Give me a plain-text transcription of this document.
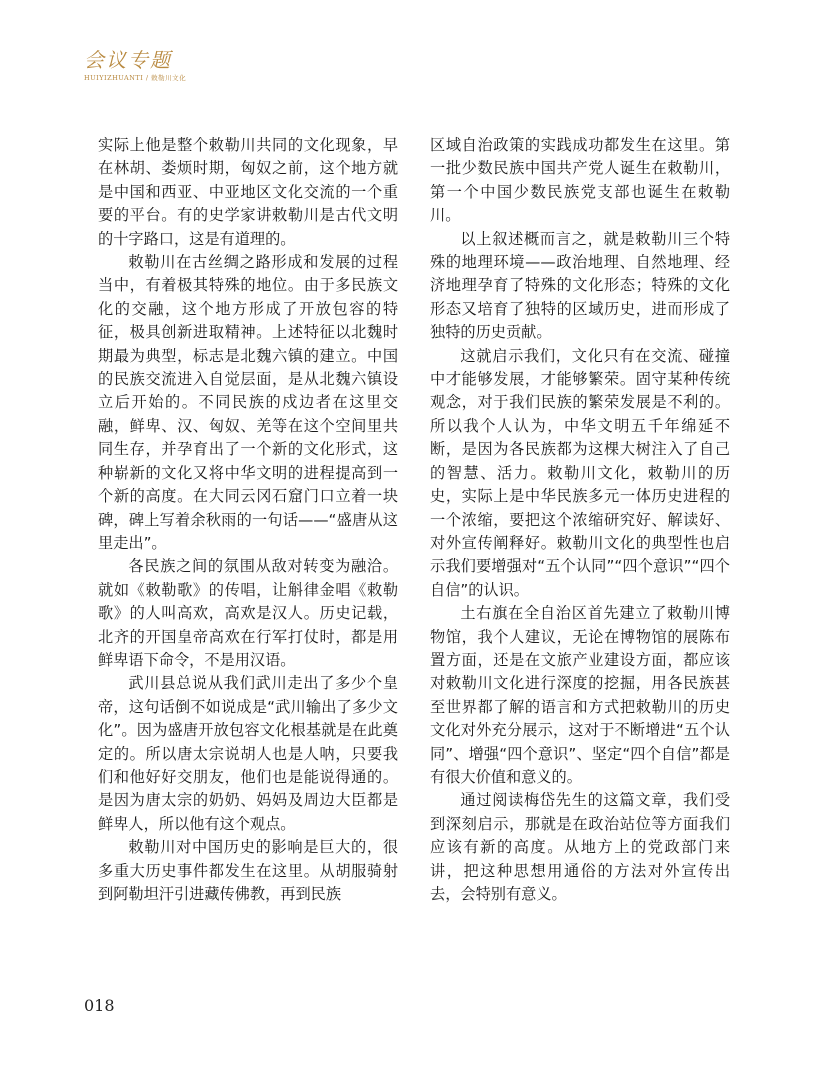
会议专题
HUIYIZHUANTI / 敕勒川文化

实际上他是整个敕勒川共同的文化现象，早在林胡、娄烦时期，匈奴之前，这个地方就是中国和西亚、中亚地区文化交流的一个重要的平台。有的史学家讲敕勒川是古代文明的十字路口，这是有道理的。

敕勒川在古丝绸之路形成和发展的过程当中，有着极其特殊的地位。由于多民族文化的交融，这个地方形成了开放包容的特征，极具创新进取精神。上述特征以北魏时期最为典型，标志是北魏六镇的建立。中国的民族交流进入自觉层面，是从北魏六镇设立后开始的。不同民族的戍边者在这里交融，鲜卑、汉、匈奴、羌等在这个空间里共同生存，并孕育出了一个新的文化形式，这种崭新的文化又将中华文明的进程提高到一个新的高度。在大同云冈石窟门口立着一块碑，碑上写着余秋雨的一句话——“盛唐从这里走出”。

各民族之间的氛围从敌对转变为融洽。就如《敕勒歌》的传唱，让斛律金唱《敕勒歌》的人叫高欢，高欢是汉人。历史记载，北齐的开国皇帝高欢在行军打仗时，都是用鲜卑语下命令，不是用汉语。

武川县总说从我们武川走出了多少个皇帝，这句话倒不如说成是“武川输出了多少文化”。因为盛唐开放包容文化根基就是在此奠定的。所以唐太宗说胡人也是人呐，只要我们和他好好交朋友，他们也是能说得通的。是因为唐太宗的奶奶、妈妈及周边大臣都是鲜卑人，所以他有这个观点。

敕勒川对中国历史的影响是巨大的，很多重大历史事件都发生在这里。从胡服骑射到阿勒坦汗引进藏传佛教，再到民族

区域自治政策的实践成功都发生在这里。第一批少数民族中国共产党人诞生在敕勒川，第一个中国少数民族党支部也诞生在敕勒川。

以上叙述概而言之，就是敕勒川三个特殊的地理环境——政治地理、自然地理、经济地理孕育了特殊的文化形态；特殊的文化形态又培育了独特的区域历史，进而形成了独特的历史贡献。

这就启示我们，文化只有在交流、碰撞中才能够发展，才能够繁荣。固守某种传统观念，对于我们民族的繁荣发展是不利的。所以我个人认为，中华文明五千年绵延不断，是因为各民族都为这棵大树注入了自己的智慧、活力。敕勒川文化，敕勒川的历史，实际上是中华民族多元一体历史进程的一个浓缩，要把这个浓缩研究好、解读好、对外宣传阐释好。敕勒川文化的典型性也启示我们要增强对“五个认同”“四个意识”“四个自信”的认识。

土右旗在全自治区首先建立了敕勒川博物馆，我个人建议，无论在博物馆的展陈布置方面，还是在文旅产业建设方面，都应该对敕勒川文化进行深度的挖掘，用各民族甚至世界都了解的语言和方式把敕勒川的历史文化对外充分展示，这对于不断增进“五个认同”、增强“四个意识”、坚定“四个自信”都是有很大价值和意义的。

通过阅读梅岱先生的这篇文章，我们受到深刻启示，那就是在政治站位等方面我们应该有新的高度。从地方上的党政部门来讲，把这种思想用通俗的方法对外宣传出去，会特别有意义。

018
